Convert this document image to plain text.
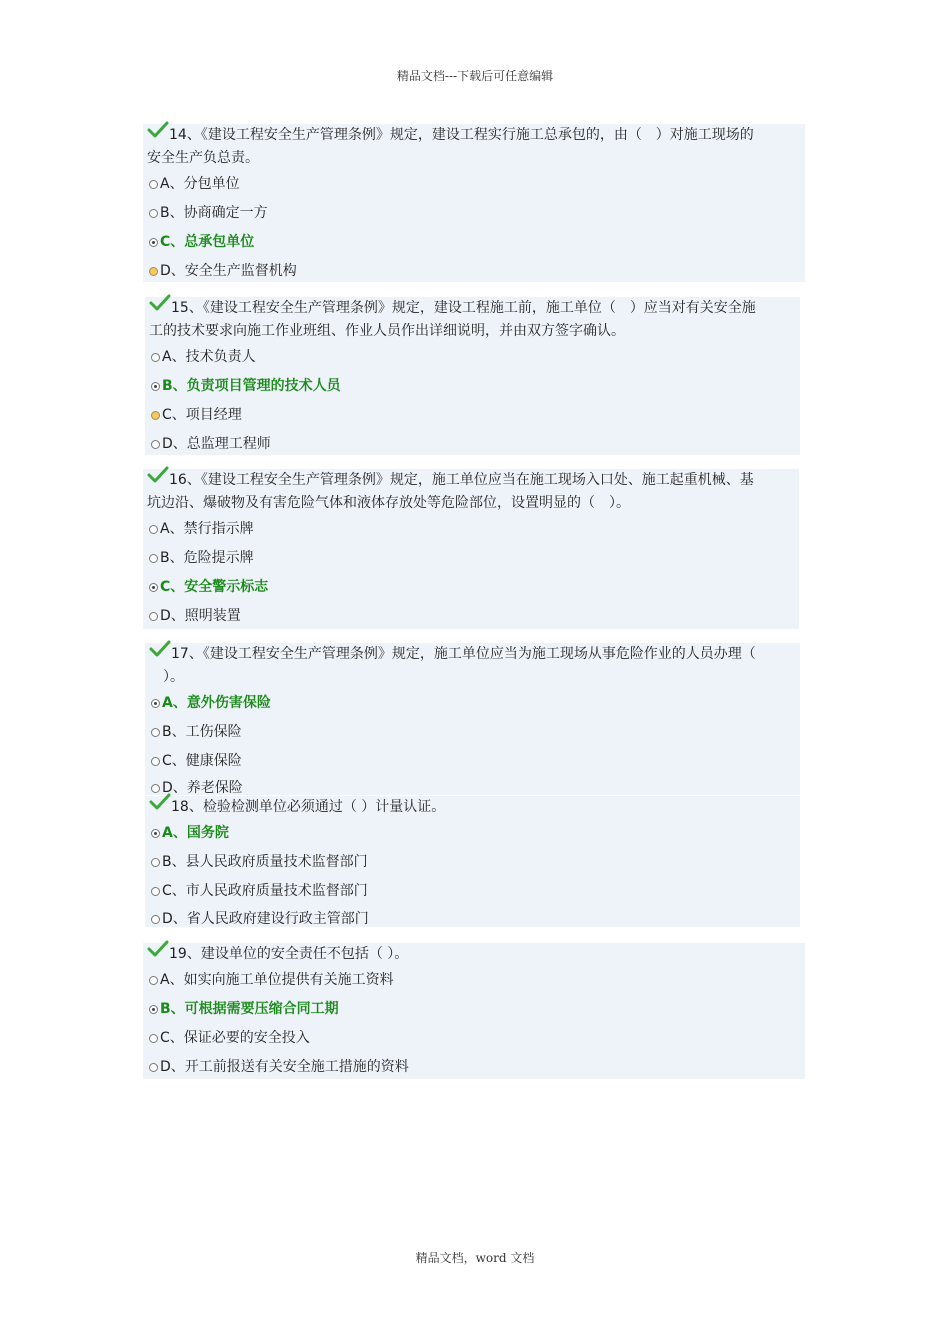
精品文档---下载后可任意编辑
14、《建设工程安全生产管理条例》规定，建设工程实行施工总承包的，由（　）对施工现场的
安全生产负总责。
A 、分包单位
B 、协商确定一方
C 、总承包单位
D 、安全生产监督机构
15、《建设工程安全生产管理条例》规定，建设工程施工前，施工单位（　）应当对有关安全施
工的技术要求向施工作业班组、作业人员作出详细说明，并由双方签字确认。
A 、技术负责人
B 、负责项目管理的技术人员
C 、项目经理
D 、总监理工程师
16、《建设工程安全生产管理条例》规定，施工单位应当在施工现场入口处、施工起重机械、基
坑边沿、爆破物及有害危险气体和液体存放处等危险部位，设置明显的（　）。
A 、禁行指示牌
B 、危险提示牌
C 、安全警示标志
D 、照明装置
17、《建设工程安全生产管理条例》规定，施工单位应当为施工现场从事危险作业的人员办理（
　）。
A 、意外伤害保险
B 、工伤保险
C 、健康保险
D 、养老保险
18、检验检测单位必须通过（ ）计量认证。
A 、国务院
B 、县人民政府质量技术监督部门
C 、市人民政府质量技术监督部门
D 、省人民政府建设行政主管部门
19、建设单位的安全责任不包括（ ）。
A 、如实向施工单位提供有关施工资料
B 、可根据需要压缩合同工期
C 、保证必要的安全投入
D 、开工前报送有关安全施工措施的资料
精品文档，word 文档
